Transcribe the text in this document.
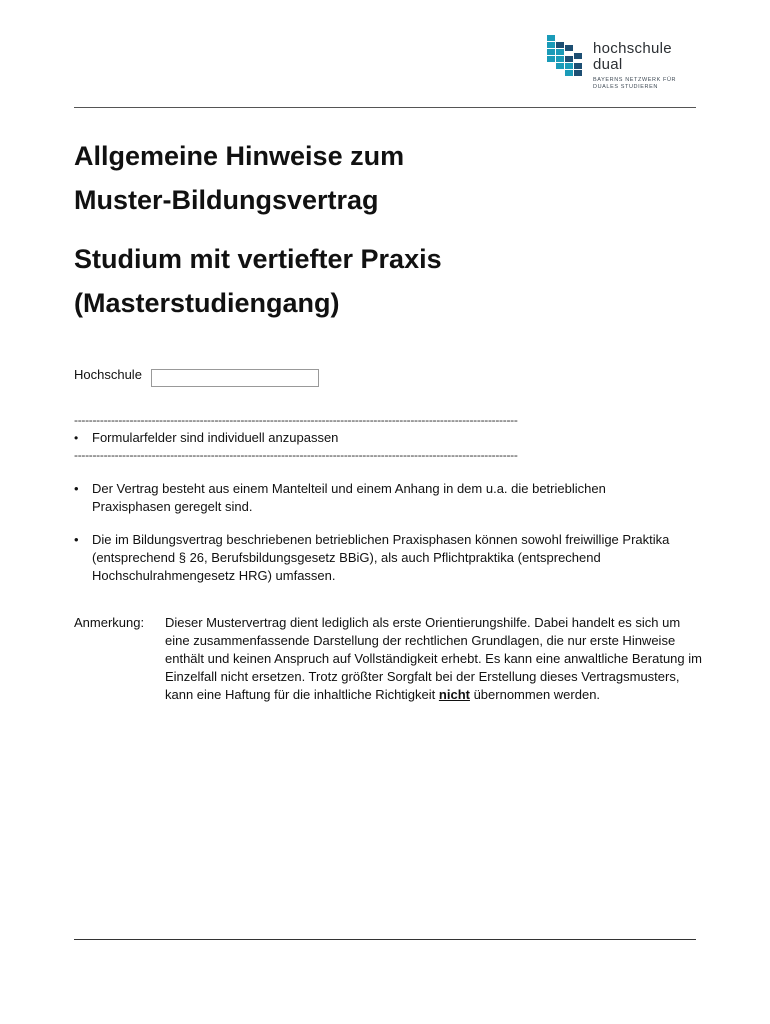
hochschule
dual
BAYERNS NETZWERK FÜR
DUALES STUDIEREN
Allgemeine Hinweise zum
Muster-Bildungsvertrag
Studium mit vertiefter Praxis
(Masterstudiengang)
Hochschule
------------------------------------------------------------------------------------------------------------------------
• Formularfelder sind individuell anzupassen
------------------------------------------------------------------------------------------------------------------------
• Der Vertrag besteht aus einem Mantelteil und einem Anhang in dem u.a. die betrieblichen Praxisphasen geregelt sind.
• Die im Bildungsvertrag beschriebenen betrieblichen Praxisphasen können sowohl freiwillige Praktika (entsprechend § 26, Berufsbildungsgesetz BBiG), als auch Pflichtpraktika (entsprechend Hochschulrahmengesetz HRG) umfassen.
Anmerkung: Dieser Mustervertrag dient lediglich als erste Orientierungshilfe. Dabei handelt es sich um eine zusammenfassende Darstellung der rechtlichen Grundlagen, die nur erste Hinweise enthält und keinen Anspruch auf Vollständigkeit erhebt. Es kann eine anwaltliche Beratung im Einzelfall nicht ersetzen. Trotz größter Sorgfalt bei der Erstellung dieses Vertragsmusters, kann eine Haftung für die inhaltliche Richtigkeit nicht übernommen werden.
